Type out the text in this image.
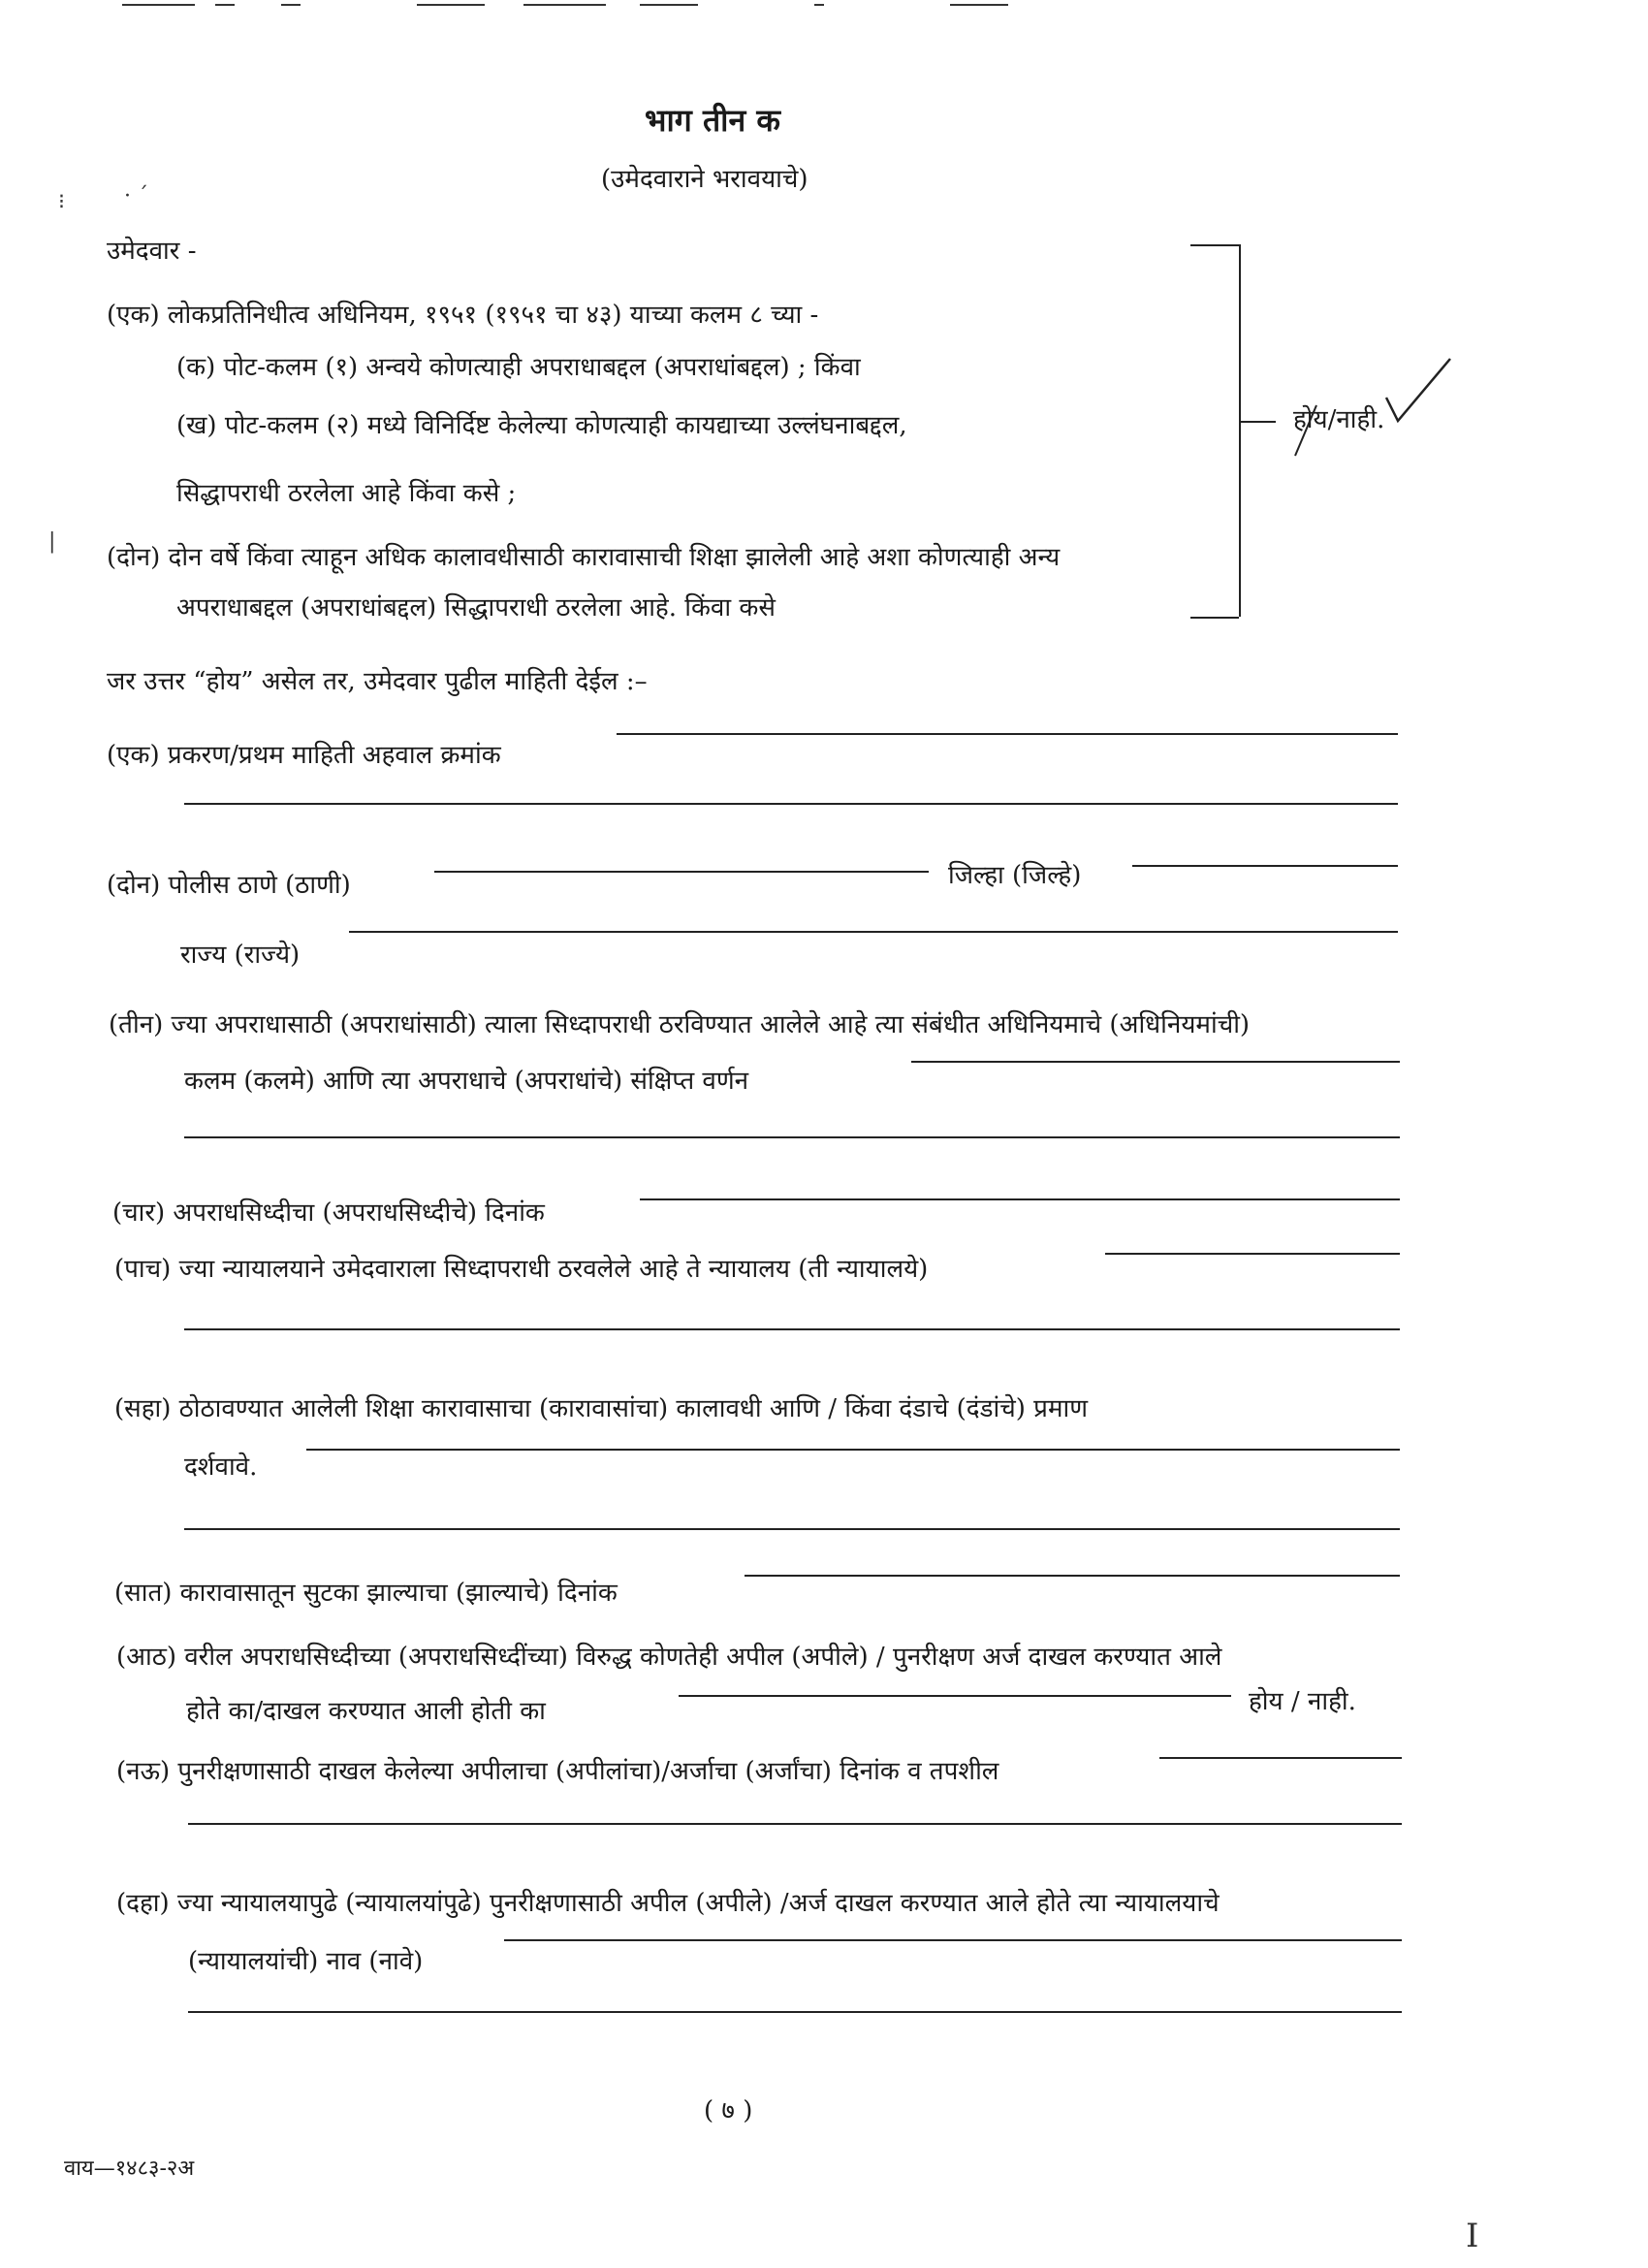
भाग तीन क
(उमेदवाराने भरावयाचे)
उमेदवार -
(एक) लोकप्रतिनिधीत्व अधिनियम, १९५१ (१९५१ चा ४३) याच्या कलम ८ च्या -
(क) पोट-कलम (१) अन्वये कोणत्याही अपराधाबद्दल (अपराधांबद्दल) ; किंवा
(ख) पोट-कलम (२) मध्ये विनिर्दिष्ट केलेल्या कोणत्याही कायद्याच्या उल्लंघनाबद्दल,
सिद्धापराधी ठरलेला आहे किंवा कसे ;
(दोन) दोन वर्षे किंवा त्याहून अधिक कालावधीसाठी कारावासाची शिक्षा झालेली आहे अशा कोणत्याही अन्य
अपराधाबद्दल (अपराधांबद्दल) सिद्धापराधी ठरलेला आहे. किंवा कसे
होय/नाही.
जर उत्तर “होय” असेल तर, उमेदवार पुढील माहिती देईल :–
(एक) प्रकरण/प्रथम माहिती अहवाल क्रमांक
(दोन) पोलीस ठाणे (ठाणी)	जिल्हा (जिल्हे)
राज्य (राज्ये)
(तीन) ज्या अपराधासाठी (अपराधांसाठी) त्याला सिध्दापराधी ठरविण्यात आलेले आहे त्या संबंधीत अधिनियमाचे (अधिनियमांची)
कलम (कलमे) आणि त्या अपराधाचे (अपराधांचे) संक्षिप्त वर्णन
(चार) अपराधसिध्दीचा (अपराधसिध्दीचे) दिनांक
(पाच) ज्या न्यायालयाने उमेदवाराला सिध्दापराधी ठरवलेले आहे ते न्यायालय (ती न्यायालये)
(सहा) ठोठावण्यात आलेली शिक्षा कारावासाचा (कारावासांचा) कालावधी आणि / किंवा दंडाचे (दंडांचे) प्रमाण
दर्शवावे.
(सात) कारावासातून सुटका झाल्याचा (झाल्याचे) दिनांक
(आठ) वरील अपराधसिध्दीच्या (अपराधसिध्दींच्या) विरुद्ध कोणतेही अपील (अपीले) / पुनरीक्षण अर्ज दाखल करण्यात आले
होते का/दाखल करण्यात आली होती का	होय / नाही.
(नऊ) पुनरीक्षणासाठी दाखल केलेल्या अपीलाचा (अपीलांचा)/अर्जाचा (अर्जांचा) दिनांक व तपशील
(दहा) ज्या न्यायालयापुढे (न्यायालयांपुढे) पुनरीक्षणासाठी अपील (अपीले) /अर्ज दाखल करण्यात आले होते त्या न्यायालयाचे
(न्यायालयांची) नाव (नावे)
( ७ )
वाय—१४८३-२अ
⁝	· ˊ
|
I
